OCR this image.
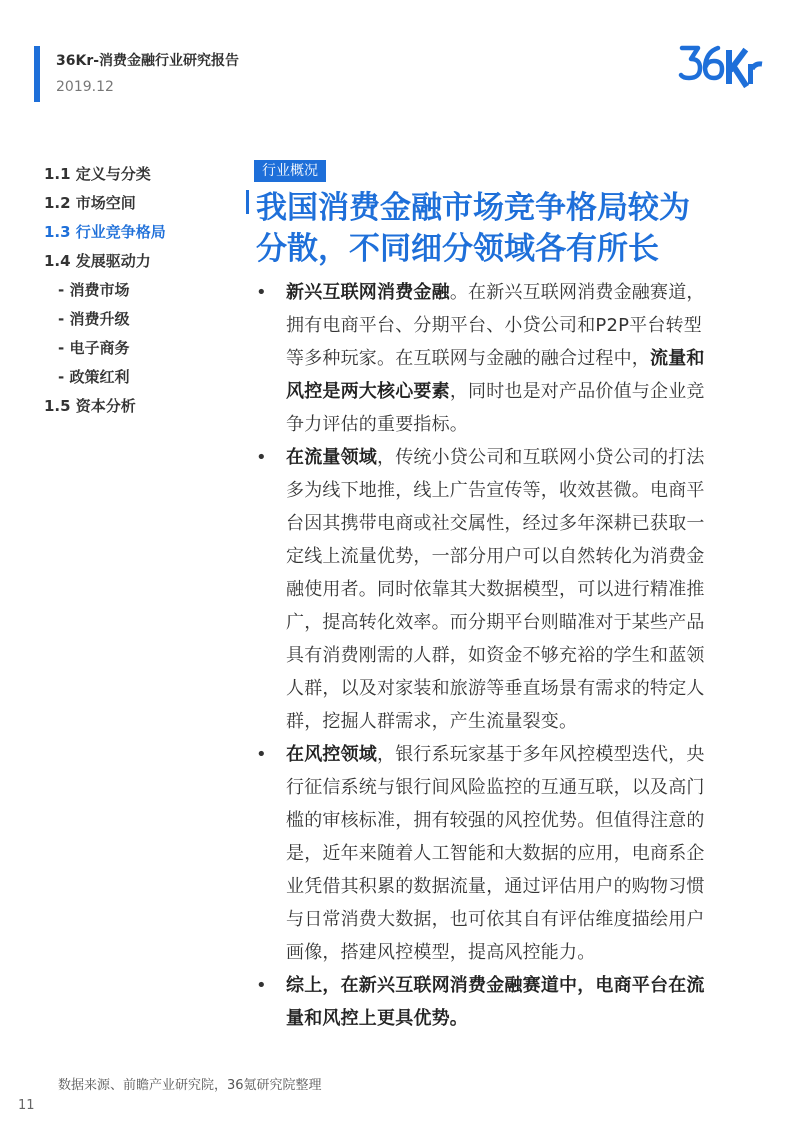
36Kr-消费金融行业研究报告
2019.12
1.1 定义与分类
1.2 市场空间
1.3 行业竞争格局
1.4 发展驱动力
- 消费市场
- 消费升级
- 电子商务
- 政策红利
1.5 资本分析
行业概况
我国消费金融市场竞争格局较为
分散，不同细分领域各有所长
• 新兴互联网消费金融。在新兴互联网消费金融赛道，
拥有电商平台、分期平台、小贷公司和P2P平台转型
等多种玩家。在互联网与金融的融合过程中，流量和
风控是两大核心要素，同时也是对产品价值与企业竞
争力评估的重要指标。
• 在流量领域，传统小贷公司和互联网小贷公司的打法
多为线下地推，线上广告宣传等，收效甚微。电商平
台因其携带电商或社交属性，经过多年深耕已获取一
定线上流量优势，一部分用户可以自然转化为消费金
融使用者。同时依靠其大数据模型，可以进行精准推
广，提高转化效率。而分期平台则瞄准对于某些产品
具有消费刚需的人群，如资金不够充裕的学生和蓝领
人群，以及对家装和旅游等垂直场景有需求的特定人
群，挖掘人群需求，产生流量裂变。
• 在风控领域，银行系玩家基于多年风控模型迭代，央
行征信系统与银行间风险监控的互通互联，以及高门
槛的审核标准，拥有较强的风控优势。但值得注意的
是，近年来随着人工智能和大数据的应用，电商系企
业凭借其积累的数据流量，通过评估用户的购物习惯
与日常消费大数据，也可依其自有评估维度描绘用户
画像，搭建风控模型，提高风控能力。
• 综上，在新兴互联网消费金融赛道中，电商平台在流
量和风控上更具优势。
数据来源、前瞻产业研究院，36氪研究院整理
11
